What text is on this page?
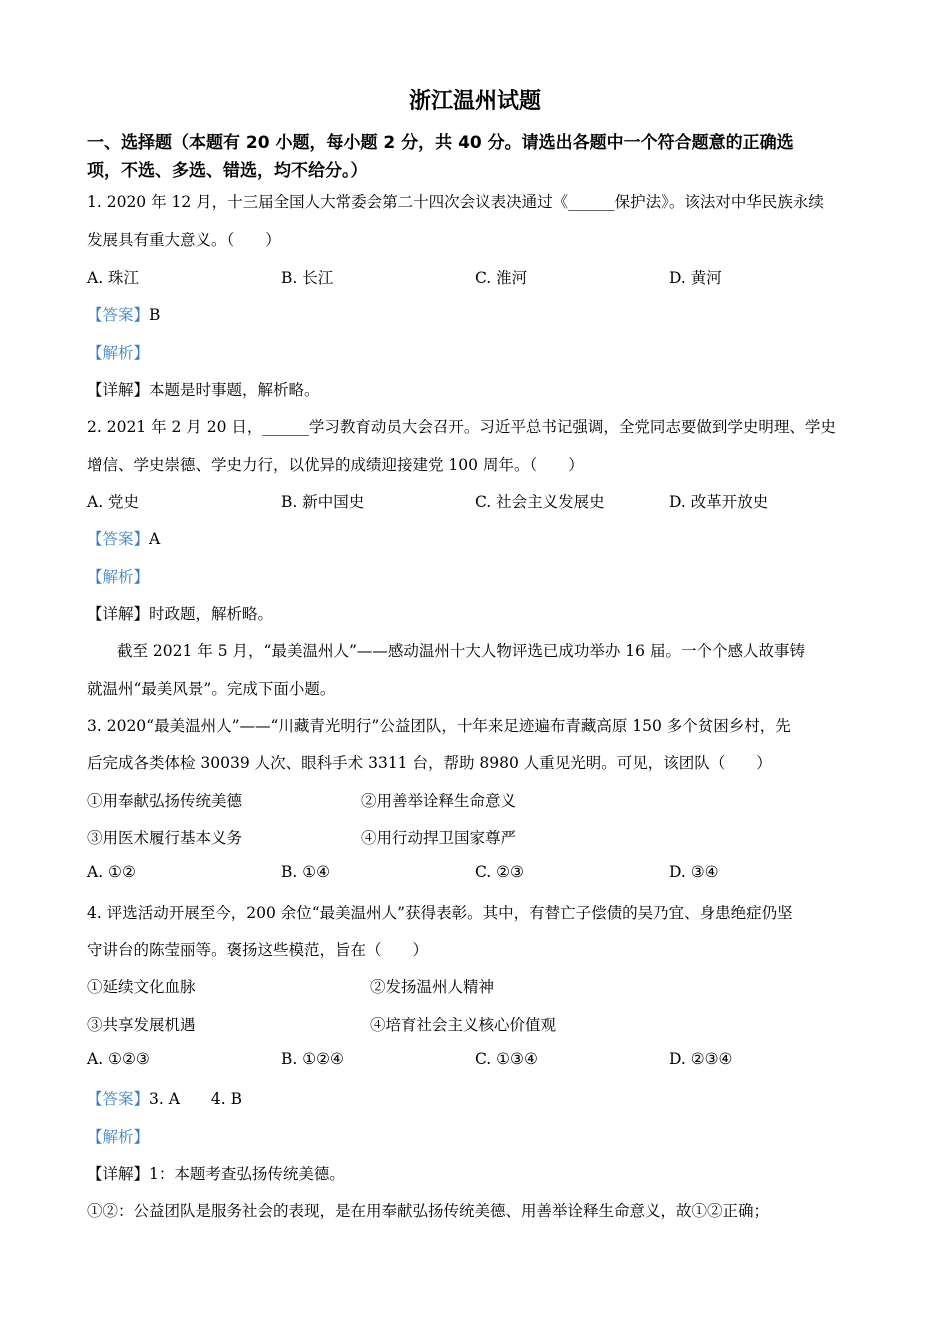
浙江温州试题
一、选择题（本题有 20 小题，每小题 2 分，共 40 分。请选出各题中一个符合题意的正确选
项，不选、多选、错选，均不给分。）
1. 2020 年 12 月，十三届全国人大常委会第二十四次会议表决通过《______保护法》。该法对中华民族永续
发展具有重大意义。（　　）
A. 珠江	B. 长江	C. 淮河	D. 黄河
【答案】B
【解析】
【详解】本题是时事题，解析略。
2. 2021 年 2 月 20 日，______学习教育动员大会召开。习近平总书记强调，全党同志要做到学史明理、学史
增信、学史崇德、学史力行，以优异的成绩迎接建党 100 周年。（　　）
A. 党史	B. 新中国史	C. 社会主义发展史	D. 改革开放史
【答案】A
【解析】
【详解】时政题，解析略。
截至 2021 年 5 月，“最美温州人”——感动温州十大人物评选已成功举办 16 届。一个个感人故事铸
就温州“最美风景”。完成下面小题。
3. 2020“最美温州人”——“川藏青光明行”公益团队，十年来足迹遍布青藏高原 150 多个贫困乡村，先
后完成各类体检 30039 人次、眼科手术 3311 台，帮助 8980 人重见光明。可见，该团队（　　）
①用奉献弘扬传统美德	②用善举诠释生命意义
③用医术履行基本义务	④用行动捍卫国家尊严
A. ①②	B. ①④	C. ②③	D. ③④
4. 评选活动开展至今，200 余位“最美温州人”获得表彰。其中，有替亡子偿债的吴乃宜、身患绝症仍坚
守讲台的陈莹丽等。褒扬这些模范，旨在（　　）
①延续文化血脉	②发扬温州人精神
③共享发展机遇	④培育社会主义核心价值观
A. ①②③	B. ①②④	C. ①③④	D. ②③④
【答案】3. A　　4. B
【解析】
【详解】1：本题考查弘扬传统美德。
①②：公益团队是服务社会的表现，是在用奉献弘扬传统美德、用善举诠释生命意义，故①②正确；
